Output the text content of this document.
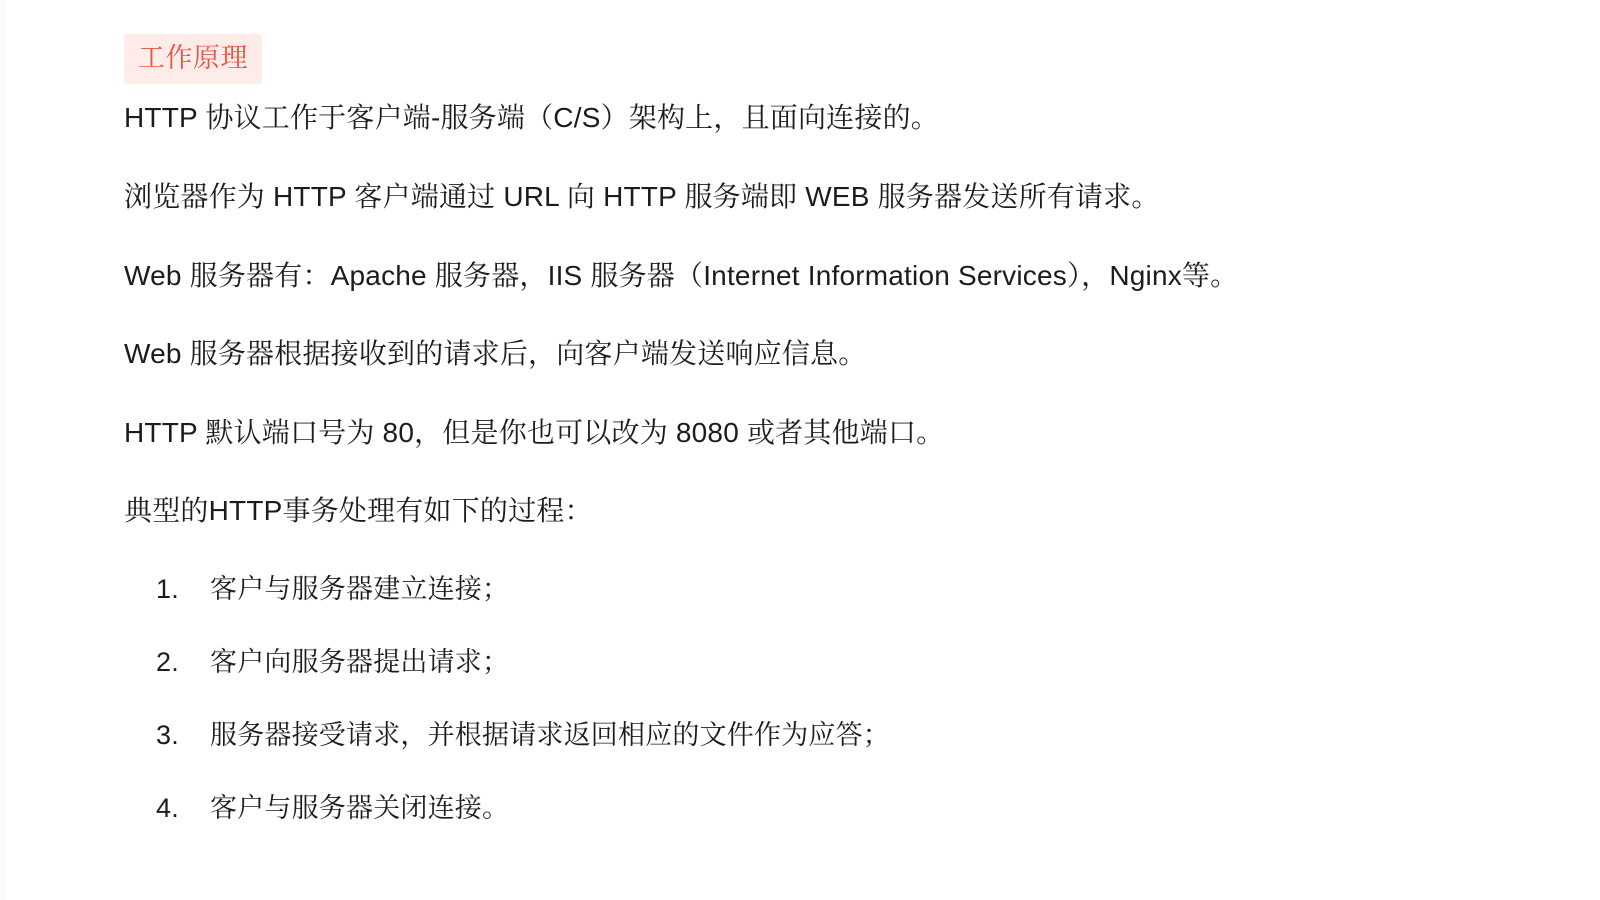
工作原理

HTTP 协议工作于客户端-服务端（C/S）架构上，且面向连接的。

浏览器作为 HTTP 客户端通过 URL 向 HTTP 服务端即 WEB 服务器发送所有请求。

Web 服务器有：Apache 服务器，IIS 服务器（Internet Information Services），Nginx等。

Web 服务器根据接收到的请求后，向客户端发送响应信息。

HTTP 默认端口号为 80，但是你也可以改为 8080 或者其他端口。

典型的HTTP事务处理有如下的过程：

客户与服务器建立连接；
客户向服务器提出请求；
服务器接受请求，并根据请求返回相应的文件作为应答；
客户与服务器关闭连接。
